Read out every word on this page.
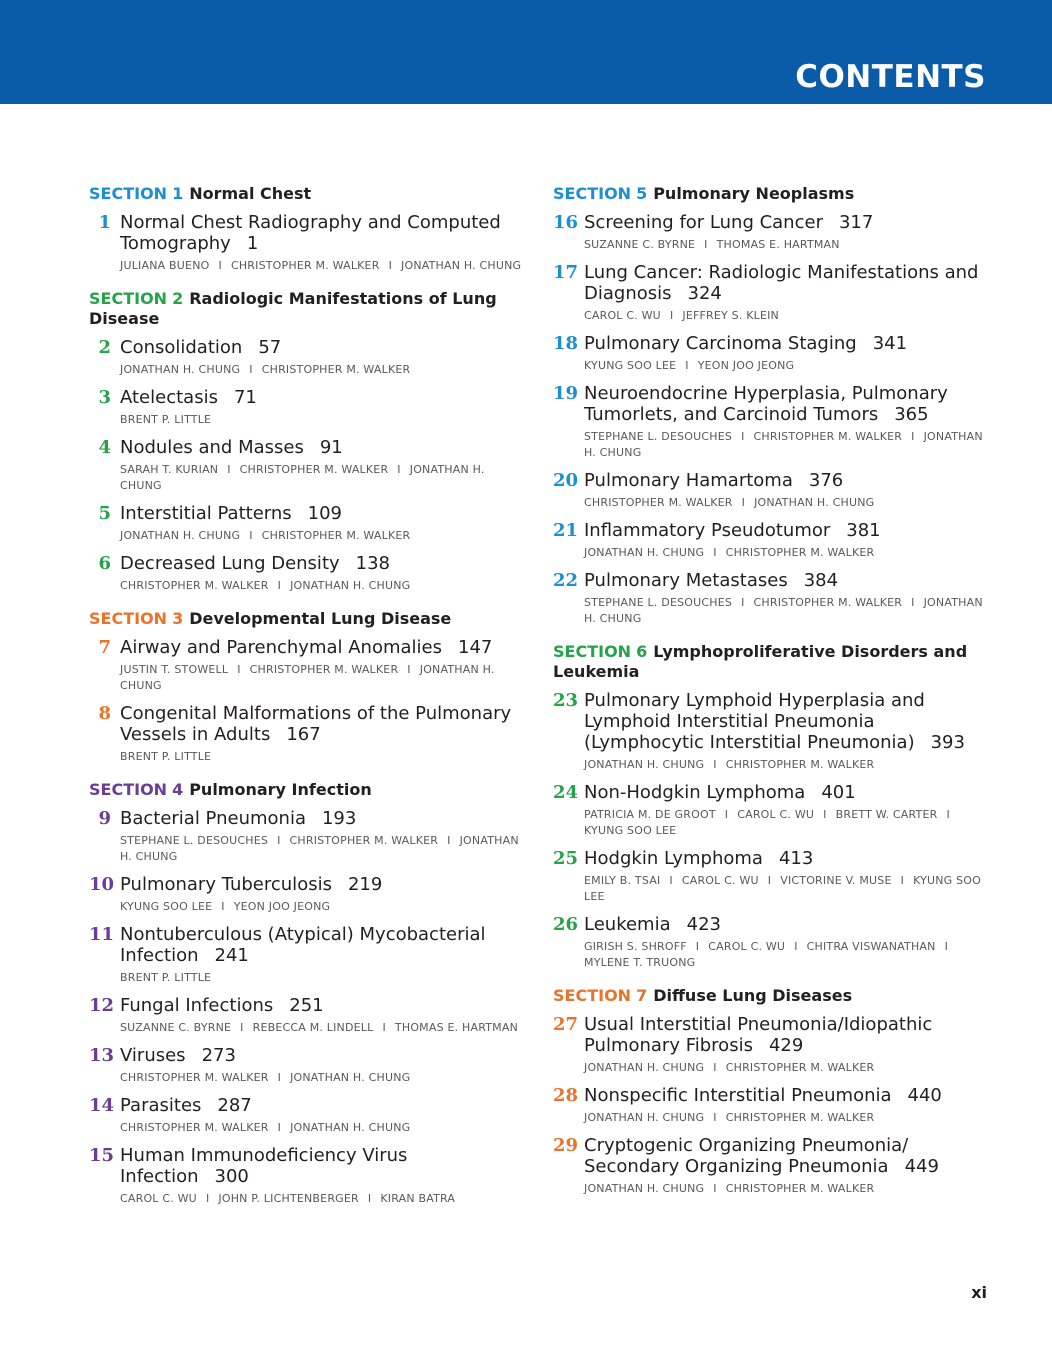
CONTENTS
SECTION 1 Normal Chest
1 Normal Chest Radiography and Computed Tomography 1
JULIANA BUENO I CHRISTOPHER M. WALKER I JONATHAN H. CHUNG
SECTION 2 Radiologic Manifestations of Lung Disease
2 Consolidation 57
JONATHAN H. CHUNG I CHRISTOPHER M. WALKER
3 Atelectasis 71
BRENT P. LITTLE
4 Nodules and Masses 91
SARAH T. KURIAN I CHRISTOPHER M. WALKER I JONATHAN H. CHUNG
5 Interstitial Patterns 109
JONATHAN H. CHUNG I CHRISTOPHER M. WALKER
6 Decreased Lung Density 138
CHRISTOPHER M. WALKER I JONATHAN H. CHUNG
SECTION 3 Developmental Lung Disease
7 Airway and Parenchymal Anomalies 147
JUSTIN T. STOWELL I CHRISTOPHER M. WALKER I JONATHAN H. CHUNG
8 Congenital Malformations of the Pulmonary Vessels in Adults 167
BRENT P. LITTLE
SECTION 4 Pulmonary Infection
9 Bacterial Pneumonia 193
STEPHANE L. DESOUCHES I CHRISTOPHER M. WALKER I JONATHAN H. CHUNG
10 Pulmonary Tuberculosis 219
KYUNG SOO LEE I YEON JOO JEONG
11 Nontuberculous (Atypical) Mycobacterial Infection 241
BRENT P. LITTLE
12 Fungal Infections 251
SUZANNE C. BYRNE I REBECCA M. LINDELL I THOMAS E. HARTMAN
13 Viruses 273
CHRISTOPHER M. WALKER I JONATHAN H. CHUNG
14 Parasites 287
CHRISTOPHER M. WALKER I JONATHAN H. CHUNG
15 Human Immunodeficiency Virus Infection 300
CAROL C. WU I JOHN P. LICHTENBERGER I KIRAN BATRA
SECTION 5 Pulmonary Neoplasms
16 Screening for Lung Cancer 317
SUZANNE C. BYRNE I THOMAS E. HARTMAN
17 Lung Cancer: Radiologic Manifestations and Diagnosis 324
CAROL C. WU I JEFFREY S. KLEIN
18 Pulmonary Carcinoma Staging 341
KYUNG SOO LEE I YEON JOO JEONG
19 Neuroendocrine Hyperplasia, Pulmonary Tumorlets, and Carcinoid Tumors 365
STEPHANE L. DESOUCHES I CHRISTOPHER M. WALKER I JONATHAN H. CHUNG
20 Pulmonary Hamartoma 376
CHRISTOPHER M. WALKER I JONATHAN H. CHUNG
21 Inflammatory Pseudotumor 381
JONATHAN H. CHUNG I CHRISTOPHER M. WALKER
22 Pulmonary Metastases 384
STEPHANE L. DESOUCHES I CHRISTOPHER M. WALKER I JONATHAN H. CHUNG
SECTION 6 Lymphoproliferative Disorders and Leukemia
23 Pulmonary Lymphoid Hyperplasia and Lymphoid Interstitial Pneumonia (Lymphocytic Interstitial Pneumonia) 393
JONATHAN H. CHUNG I CHRISTOPHER M. WALKER
24 Non-Hodgkin Lymphoma 401
PATRICIA M. DE GROOT I CAROL C. WU I BRETT W. CARTER IKYUNG SOO LEE
25 Hodgkin Lymphoma 413
EMILY B. TSAI I CAROL C. WU I VICTORINE V. MUSE I KYUNG SOO LEE
26 Leukemia 423
GIRISH S. SHROFF I CAROL C. WU I CHITRA VISWANATHAN IMYLENE T. TRUONG
SECTION 7 Diffuse Lung Diseases
27 Usual Interstitial Pneumonia/Idiopathic Pulmonary Fibrosis 429
JONATHAN H. CHUNG I CHRISTOPHER M. WALKER
28 Nonspecific Interstitial Pneumonia 440
JONATHAN H. CHUNG I CHRISTOPHER M. WALKER
29 Cryptogenic Organizing Pneumonia/ Secondary Organizing Pneumonia 449
JONATHAN H. CHUNG I CHRISTOPHER M. WALKER
xi
